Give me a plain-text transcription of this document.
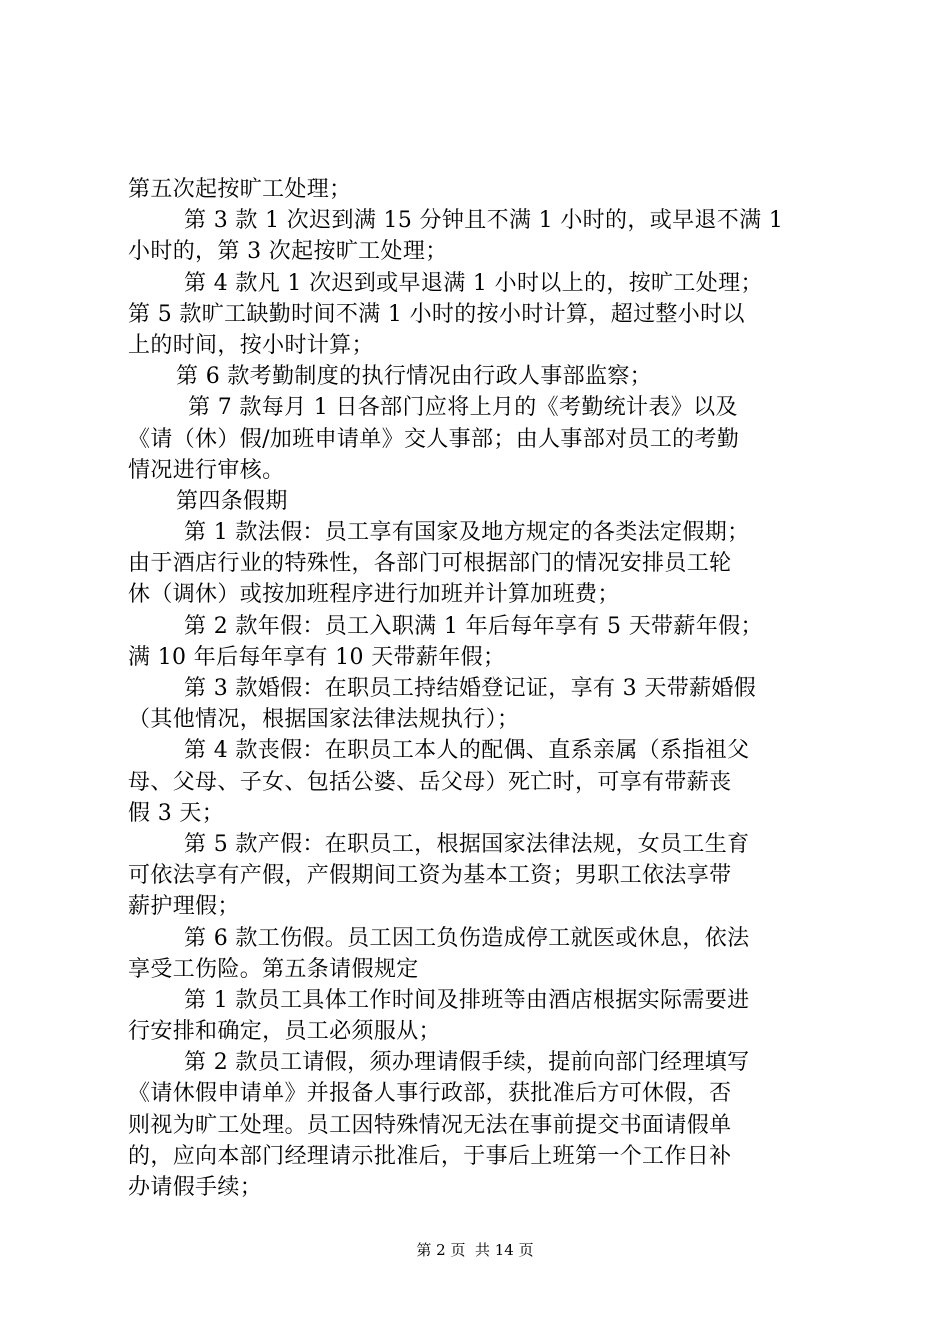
第五次起按旷工处理；
第 3 款 1 次迟到满 15 分钟且不满 1 小时的，或早退不满 1
小时的，第 3 次起按旷工处理；
第 4 款凡 1 次迟到或早退满 1 小时以上的，按旷工处理；
第 5 款旷工缺勤时间不满 1 小时的按小时计算，超过整小时以
上的时间，按小时计算；
第 6 款考勤制度的执行情况由行政人事部监察；
第 7 款每月 1 日各部门应将上月的《考勤统计表》以及
《请（休）假/加班申请单》交人事部；由人事部对员工的考勤
情况进行审核。
第四条假期
第 1 款法假：员工享有国家及地方规定的各类法定假期；
由于酒店行业的特殊性，各部门可根据部门的情况安排员工轮
休（调休）或按加班程序进行加班并计算加班费；
第 2 款年假：员工入职满 1 年后每年享有 5 天带薪年假；
满 10 年后每年享有 10 天带薪年假；
第 3 款婚假：在职员工持结婚登记证，享有 3 天带薪婚假
（其他情况，根据国家法律法规执行）；
第 4 款丧假：在职员工本人的配偶、直系亲属（系指祖父
母、父母、子女、包括公婆、岳父母）死亡时，可享有带薪丧
假 3 天；
第 5 款产假：在职员工，根据国家法律法规，女员工生育
可依法享有产假，产假期间工资为基本工资；男职工依法享带
薪护理假；
第 6 款工伤假。员工因工负伤造成停工就医或休息，依法
享受工伤险。第五条请假规定
第 1 款员工具体工作时间及排班等由酒店根据实际需要进
行安排和确定，员工必须服从；
第 2 款员工请假，须办理请假手续，提前向部门经理填写
《请休假申请单》并报备人事行政部，获批准后方可休假，否
则视为旷工处理。员工因特殊情况无法在事前提交书面请假单
的，应向本部门经理请示批准后，于事后上班第一个工作日补
办请假手续；
第 2 页  共 14 页
